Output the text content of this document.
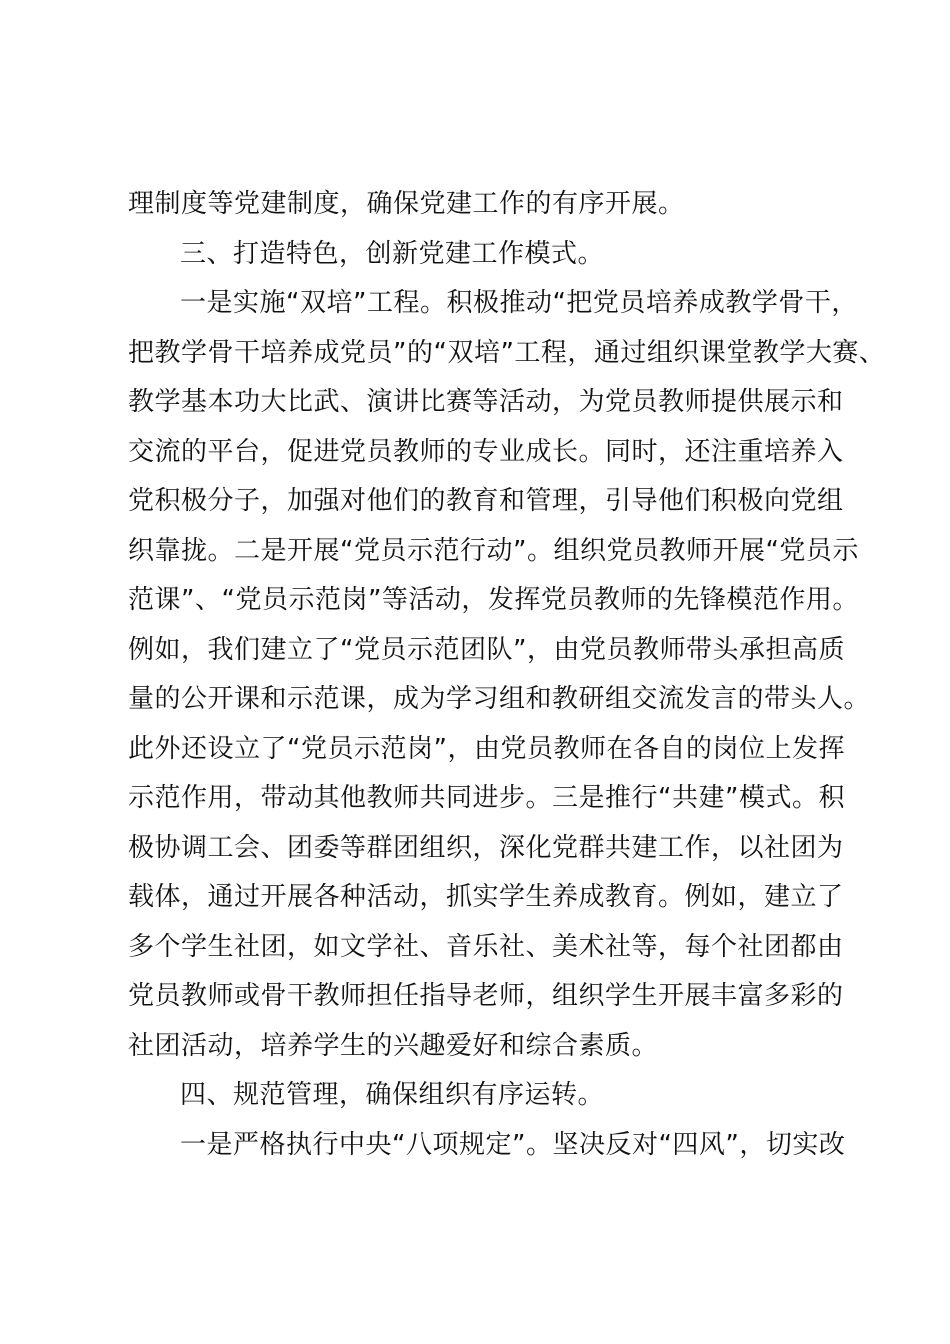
理制度等党建制度，确保党建工作的有序开展。
三、打造特色，创新党建工作模式。
一是实施“双培”工程。积极推动“把党员培养成教学骨干，
把教学骨干培养成党员”的“双培”工程，通过组织课堂教学大赛、
教学基本功大比武、演讲比赛等活动，为党员教师提供展示和
交流的平台，促进党员教师的专业成长。同时，还注重培养入
党积极分子，加强对他们的教育和管理，引导他们积极向党组
织靠拢。二是开展“党员示范行动”。组织党员教师开展“党员示
范课”、“党员示范岗”等活动，发挥党员教师的先锋模范作用。
例如，我们建立了“党员示范团队”，由党员教师带头承担高质
量的公开课和示范课，成为学习组和教研组交流发言的带头人。
此外还设立了“党员示范岗”，由党员教师在各自的岗位上发挥
示范作用，带动其他教师共同进步。三是推行“共建”模式。积
极协调工会、团委等群团组织，深化党群共建工作，以社团为
载体，通过开展各种活动，抓实学生养成教育。例如，建立了
多个学生社团，如文学社、音乐社、美术社等，每个社团都由
党员教师或骨干教师担任指导老师，组织学生开展丰富多彩的
社团活动，培养学生的兴趣爱好和综合素质。
四、规范管理，确保组织有序运转。
一是严格执行中央“八项规定”。坚决反对“四风”，切实改
